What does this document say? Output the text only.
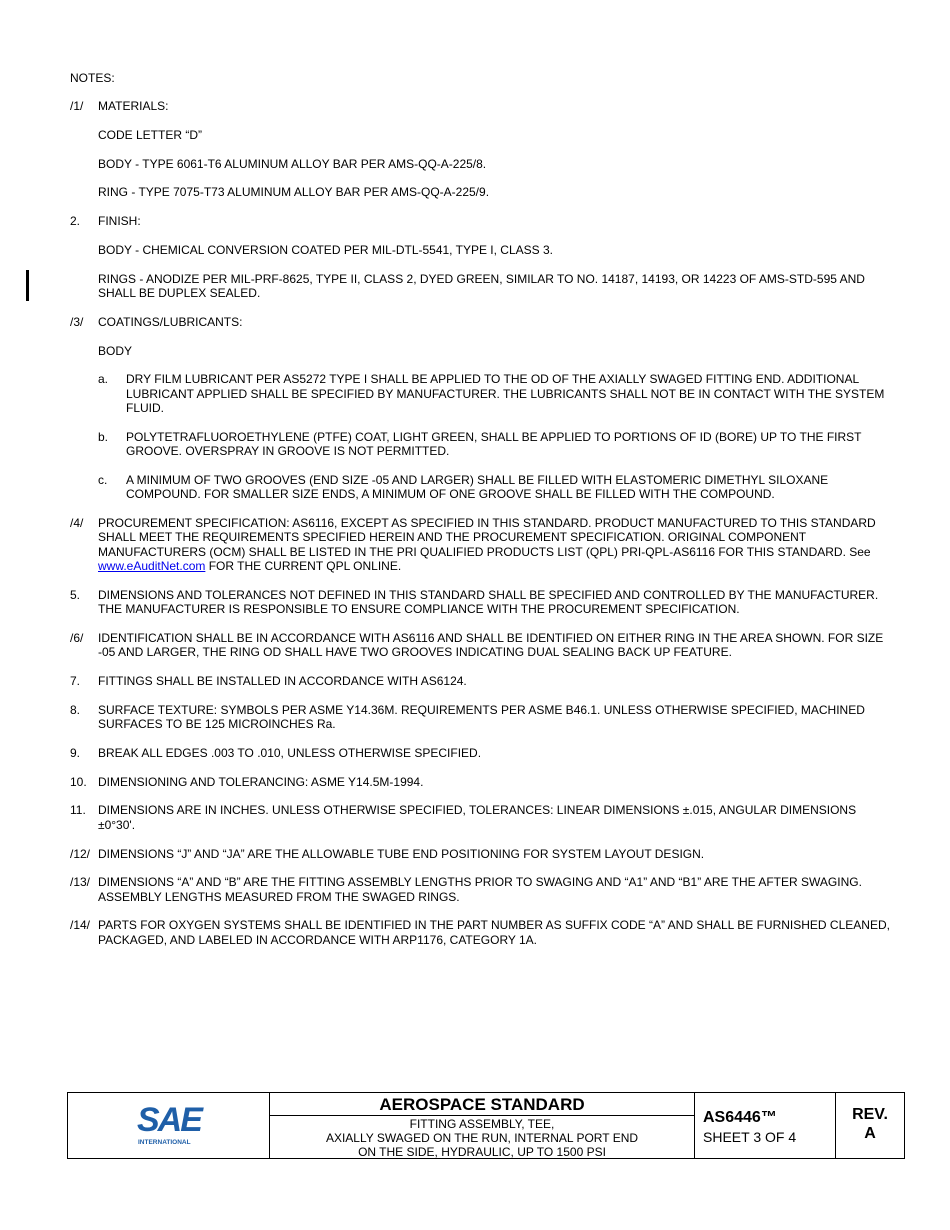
NOTES:
/1/	MATERIALS:
CODE LETTER “D”
BODY - TYPE 6061-T6 ALUMINUM ALLOY BAR PER AMS-QQ-A-225/8.
RING - TYPE 7075-T73 ALUMINUM ALLOY BAR PER AMS-QQ-A-225/9.
2.	FINISH:
BODY - CHEMICAL CONVERSION COATED PER MIL-DTL-5541, TYPE I, CLASS 3.
RINGS - ANODIZE PER MIL-PRF-8625, TYPE II, CLASS 2, DYED GREEN, SIMILAR TO NO. 14187, 14193, OR 14223 OF AMS-STD-595 AND SHALL BE DUPLEX SEALED.
/3/	COATINGS/LUBRICANTS:
BODY
a.	DRY FILM LUBRICANT PER AS5272 TYPE I SHALL BE APPLIED TO THE OD OF THE AXIALLY SWAGED FITTING END. ADDITIONAL LUBRICANT APPLIED SHALL BE SPECIFIED BY MANUFACTURER. THE LUBRICANTS SHALL NOT BE IN CONTACT WITH THE SYSTEM FLUID.
b.	POLYTETRAFLUOROETHYLENE (PTFE) COAT, LIGHT GREEN, SHALL BE APPLIED TO PORTIONS OF ID (BORE) UP TO THE FIRST GROOVE. OVERSPRAY IN GROOVE IS NOT PERMITTED.
c.	A MINIMUM OF TWO GROOVES (END SIZE -05 AND LARGER) SHALL BE FILLED WITH ELASTOMERIC DIMETHYL SILOXANE COMPOUND. FOR SMALLER SIZE ENDS, A MINIMUM OF ONE GROOVE SHALL BE FILLED WITH THE COMPOUND.
/4/	PROCUREMENT SPECIFICATION: AS6116, EXCEPT AS SPECIFIED IN THIS STANDARD. PRODUCT MANUFACTURED TO THIS STANDARD SHALL MEET THE REQUIREMENTS SPECIFIED HEREIN AND THE PROCUREMENT SPECIFICATION. ORIGINAL COMPONENT MANUFACTURERS (OCM) SHALL BE LISTED IN THE PRI QUALIFIED PRODUCTS LIST (QPL) PRI-QPL-AS6116 FOR THIS STANDARD. See www.eAuditNet.com FOR THE CURRENT QPL ONLINE.
5.	DIMENSIONS AND TOLERANCES NOT DEFINED IN THIS STANDARD SHALL BE SPECIFIED AND CONTROLLED BY THE MANUFACTURER. THE MANUFACTURER IS RESPONSIBLE TO ENSURE COMPLIANCE WITH THE PROCUREMENT SPECIFICATION.
/6/	IDENTIFICATION SHALL BE IN ACCORDANCE WITH AS6116 AND SHALL BE IDENTIFIED ON EITHER RING IN THE AREA SHOWN. FOR SIZE -05 AND LARGER, THE RING OD SHALL HAVE TWO GROOVES INDICATING DUAL SEALING BACK UP FEATURE.
7.	FITTINGS SHALL BE INSTALLED IN ACCORDANCE WITH AS6124.
8.	SURFACE TEXTURE: SYMBOLS PER ASME Y14.36M. REQUIREMENTS PER ASME B46.1. UNLESS OTHERWISE SPECIFIED, MACHINED SURFACES TO BE 125 MICROINCHES Ra.
9.	BREAK ALL EDGES .003 TO .010, UNLESS OTHERWISE SPECIFIED.
10. DIMENSIONING AND TOLERANCING: ASME Y14.5M-1994.
11.	DIMENSIONS ARE IN INCHES. UNLESS OTHERWISE SPECIFIED, TOLERANCES: LINEAR DIMENSIONS ±.015, ANGULAR DIMENSIONS ±0°30'.
/12/ DIMENSIONS “J” AND “JA” ARE THE ALLOWABLE TUBE END POSITIONING FOR SYSTEM LAYOUT DESIGN.
/13/ DIMENSIONS “A” AND “B” ARE THE FITTING ASSEMBLY LENGTHS PRIOR TO SWAGING AND “A1” AND “B1” ARE THE AFTER SWAGING. ASSEMBLY LENGTHS MEASURED FROM THE SWAGED RINGS.
/14/ PARTS FOR OXYGEN SYSTEMS SHALL BE IDENTIFIED IN THE PART NUMBER AS SUFFIX CODE “A” AND SHALL BE FURNISHED CLEANED, PACKAGED, AND LABELED IN ACCORDANCE WITH ARP1176, CATEGORY 1A.
SAE
INTERNATIONAL
AEROSPACE STANDARD
FITTING ASSEMBLY, TEE,
AXIALLY SWAGED ON THE RUN, INTERNAL PORT END
ON THE SIDE, HYDRAULIC, UP TO 1500 PSI
AS6446™
SHEET 3 OF 4
REV.
A
